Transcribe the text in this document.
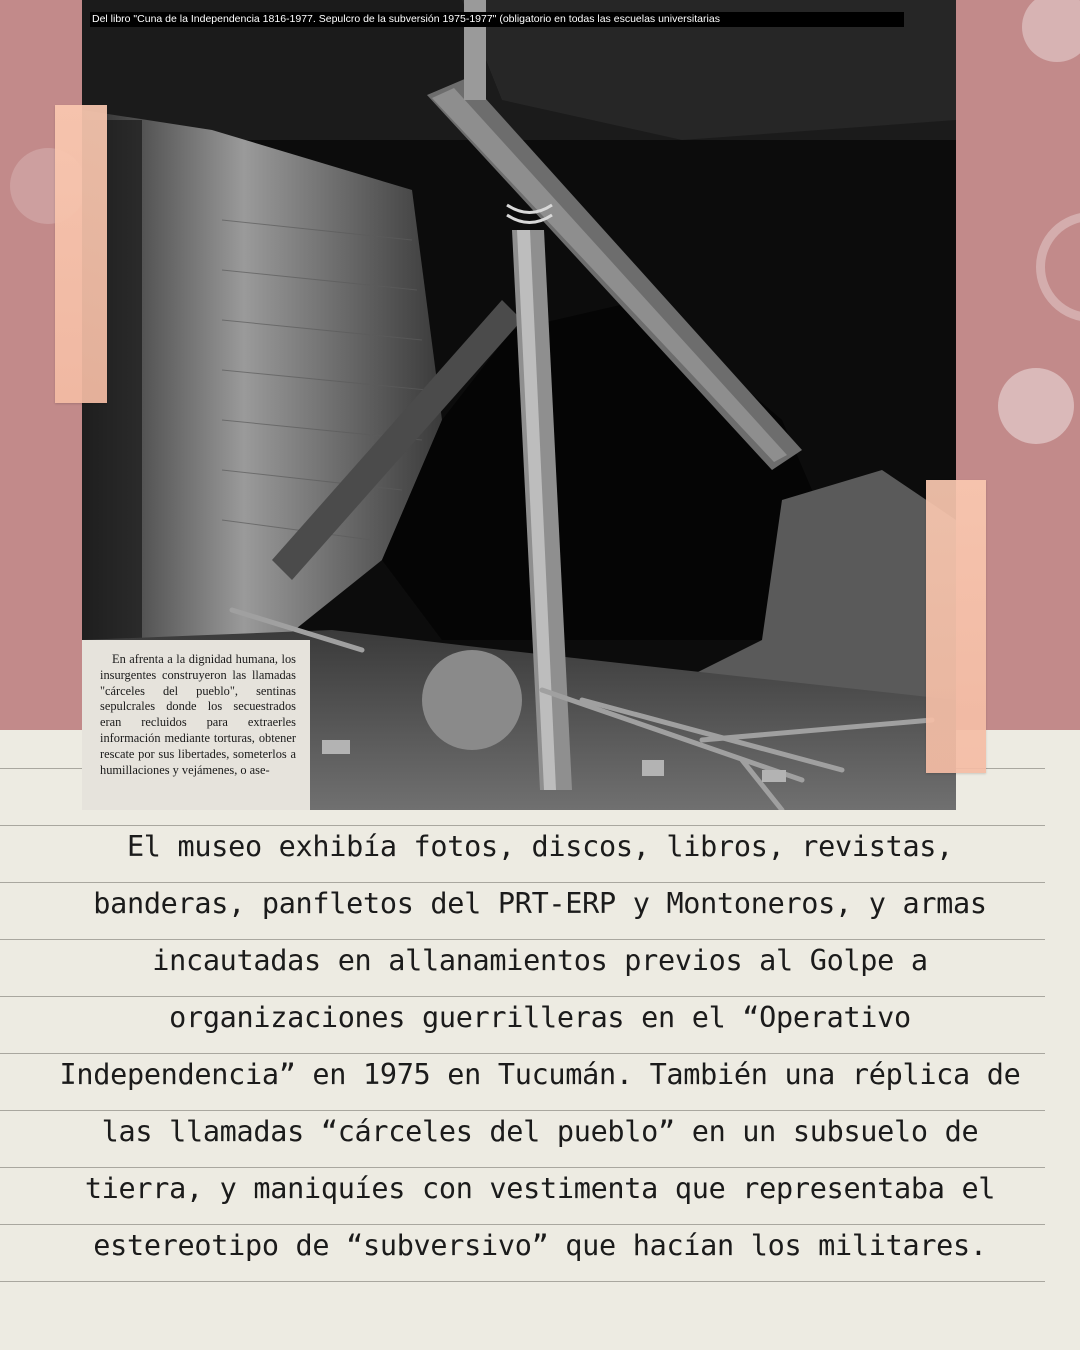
En afrenta a la dignidad humana, los insurgentes construyeron las llamadas "cárceles del pueblo", sentinas sepulcrales donde los secuestrados eran recluidos para extraerles información mediante torturas, obtener rescate por sus libertades, someterlos a humillaciones y vejámenes, o ase-

Del libro "Cuna de la Independencia 1816-1977. Sepulcro de la subversión 1975-1977" (obligatorio en todas las escuelas universitarias
El museo exhibía fotos, discos, libros, revistas,
banderas, panfletos del PRT-ERP y Montoneros, y armas
incautadas en allanamientos previos al Golpe a
organizaciones guerrilleras en el “Operativo
Independencia” en 1975 en Tucumán. También una réplica de
las llamadas “cárceles del pueblo” en un subsuelo de
tierra, y maniquíes con vestimenta que representaba el
estereotipo de “subversivo” que hacían los militares.
